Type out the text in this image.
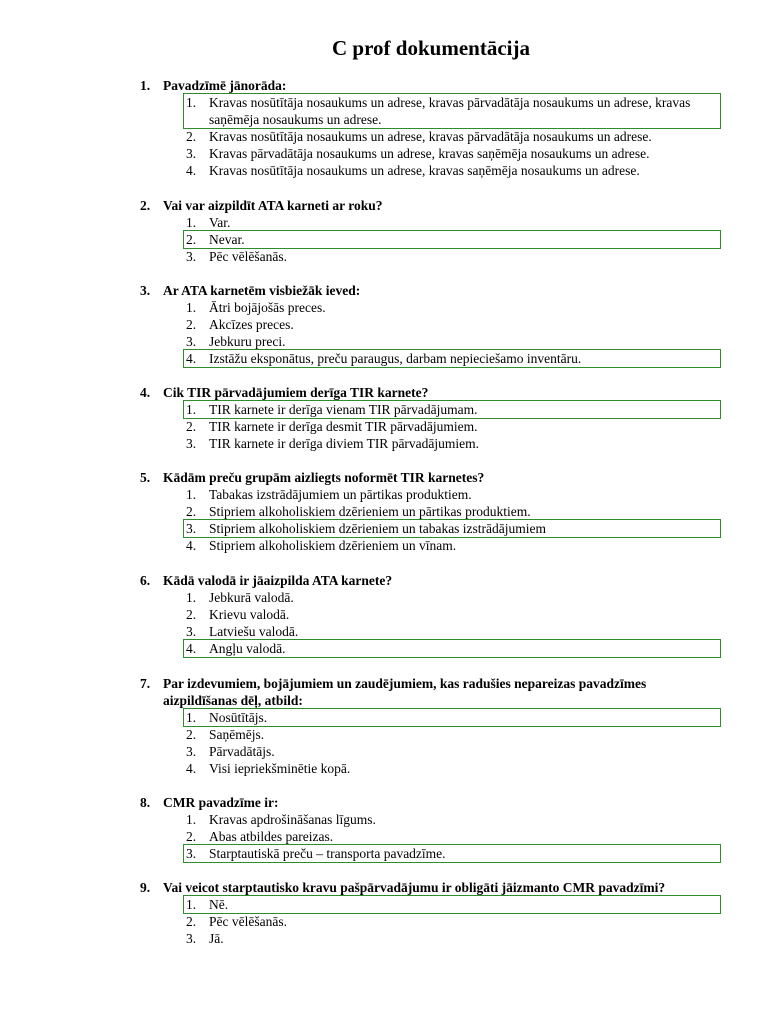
C prof dokumentācija
1. Pavadzīmē jānorāda:
1. Kravas nosūtītāja nosaukums un adrese, kravas pārvadātāja nosaukums un adrese, kravas saņēmēja nosaukums un adrese.
2. Kravas nosūtītāja nosaukums un adrese, kravas pārvadātāja nosaukums un adrese.
3. Kravas pārvadātāja nosaukums un adrese, kravas saņēmēja nosaukums un adrese.
4. Kravas nosūtītāja nosaukums un adrese, kravas saņēmēja nosaukums un adrese.
2. Vai var aizpildīt ATA karneti ar roku?
1. Var.
2. Nevar.
3. Pēc vēlēšanās.
3. Ar ATA karnetēm visbiežāk ieved:
1. Ātri bojājošās preces.
2. Akcīzes preces.
3. Jebkuru preci.
4. Izstāžu eksponātus, preču paraugus, darbam nepieciešamo inventāru.
4. Cik TIR pārvadājumiem derīga TIR karnete?
1. TIR karnete ir derīga vienam TIR pārvadājumam.
2. TIR karnete ir derīga desmit TIR pārvadājumiem.
3. TIR karnete ir derīga diviem TIR pārvadājumiem.
5. Kādām preču grupām aizliegts noformēt TIR karnetes?
1. Tabakas izstrādājumiem un pārtikas produktiem.
2. Stipriem alkoholiskiem dzērieniem un pārtikas produktiem.
3. Stipriem alkoholiskiem dzērieniem un tabakas izstrādājumiem
4. Stipriem alkoholiskiem dzērieniem un vīnam.
6. Kādā valodā ir jāaizpilda ATA karnete?
1. Jebkurā valodā.
2. Krievu valodā.
3. Latviešu valodā.
4. Angļu valodā.
7. Par izdevumiem, bojājumiem un zaudējumiem, kas radušies nepareizas pavadzīmes aizpildīšanas dēļ, atbild:
1. Nosūtītājs.
2. Saņēmējs.
3. Pārvadātājs.
4. Visi iepriekšminētie kopā.
8. CMR pavadzīme ir:
1. Kravas apdrošināšanas līgums.
2. Abas atbildes pareizas.
3. Starptautiskā preču – transporta pavadzīme.
9. Vai veicot starptautisko kravu pašpārvadājumu ir obligāti jāizmanto CMR pavadzīmi?
1. Nē.
2. Pēc vēlēšanās.
3. Jā.
